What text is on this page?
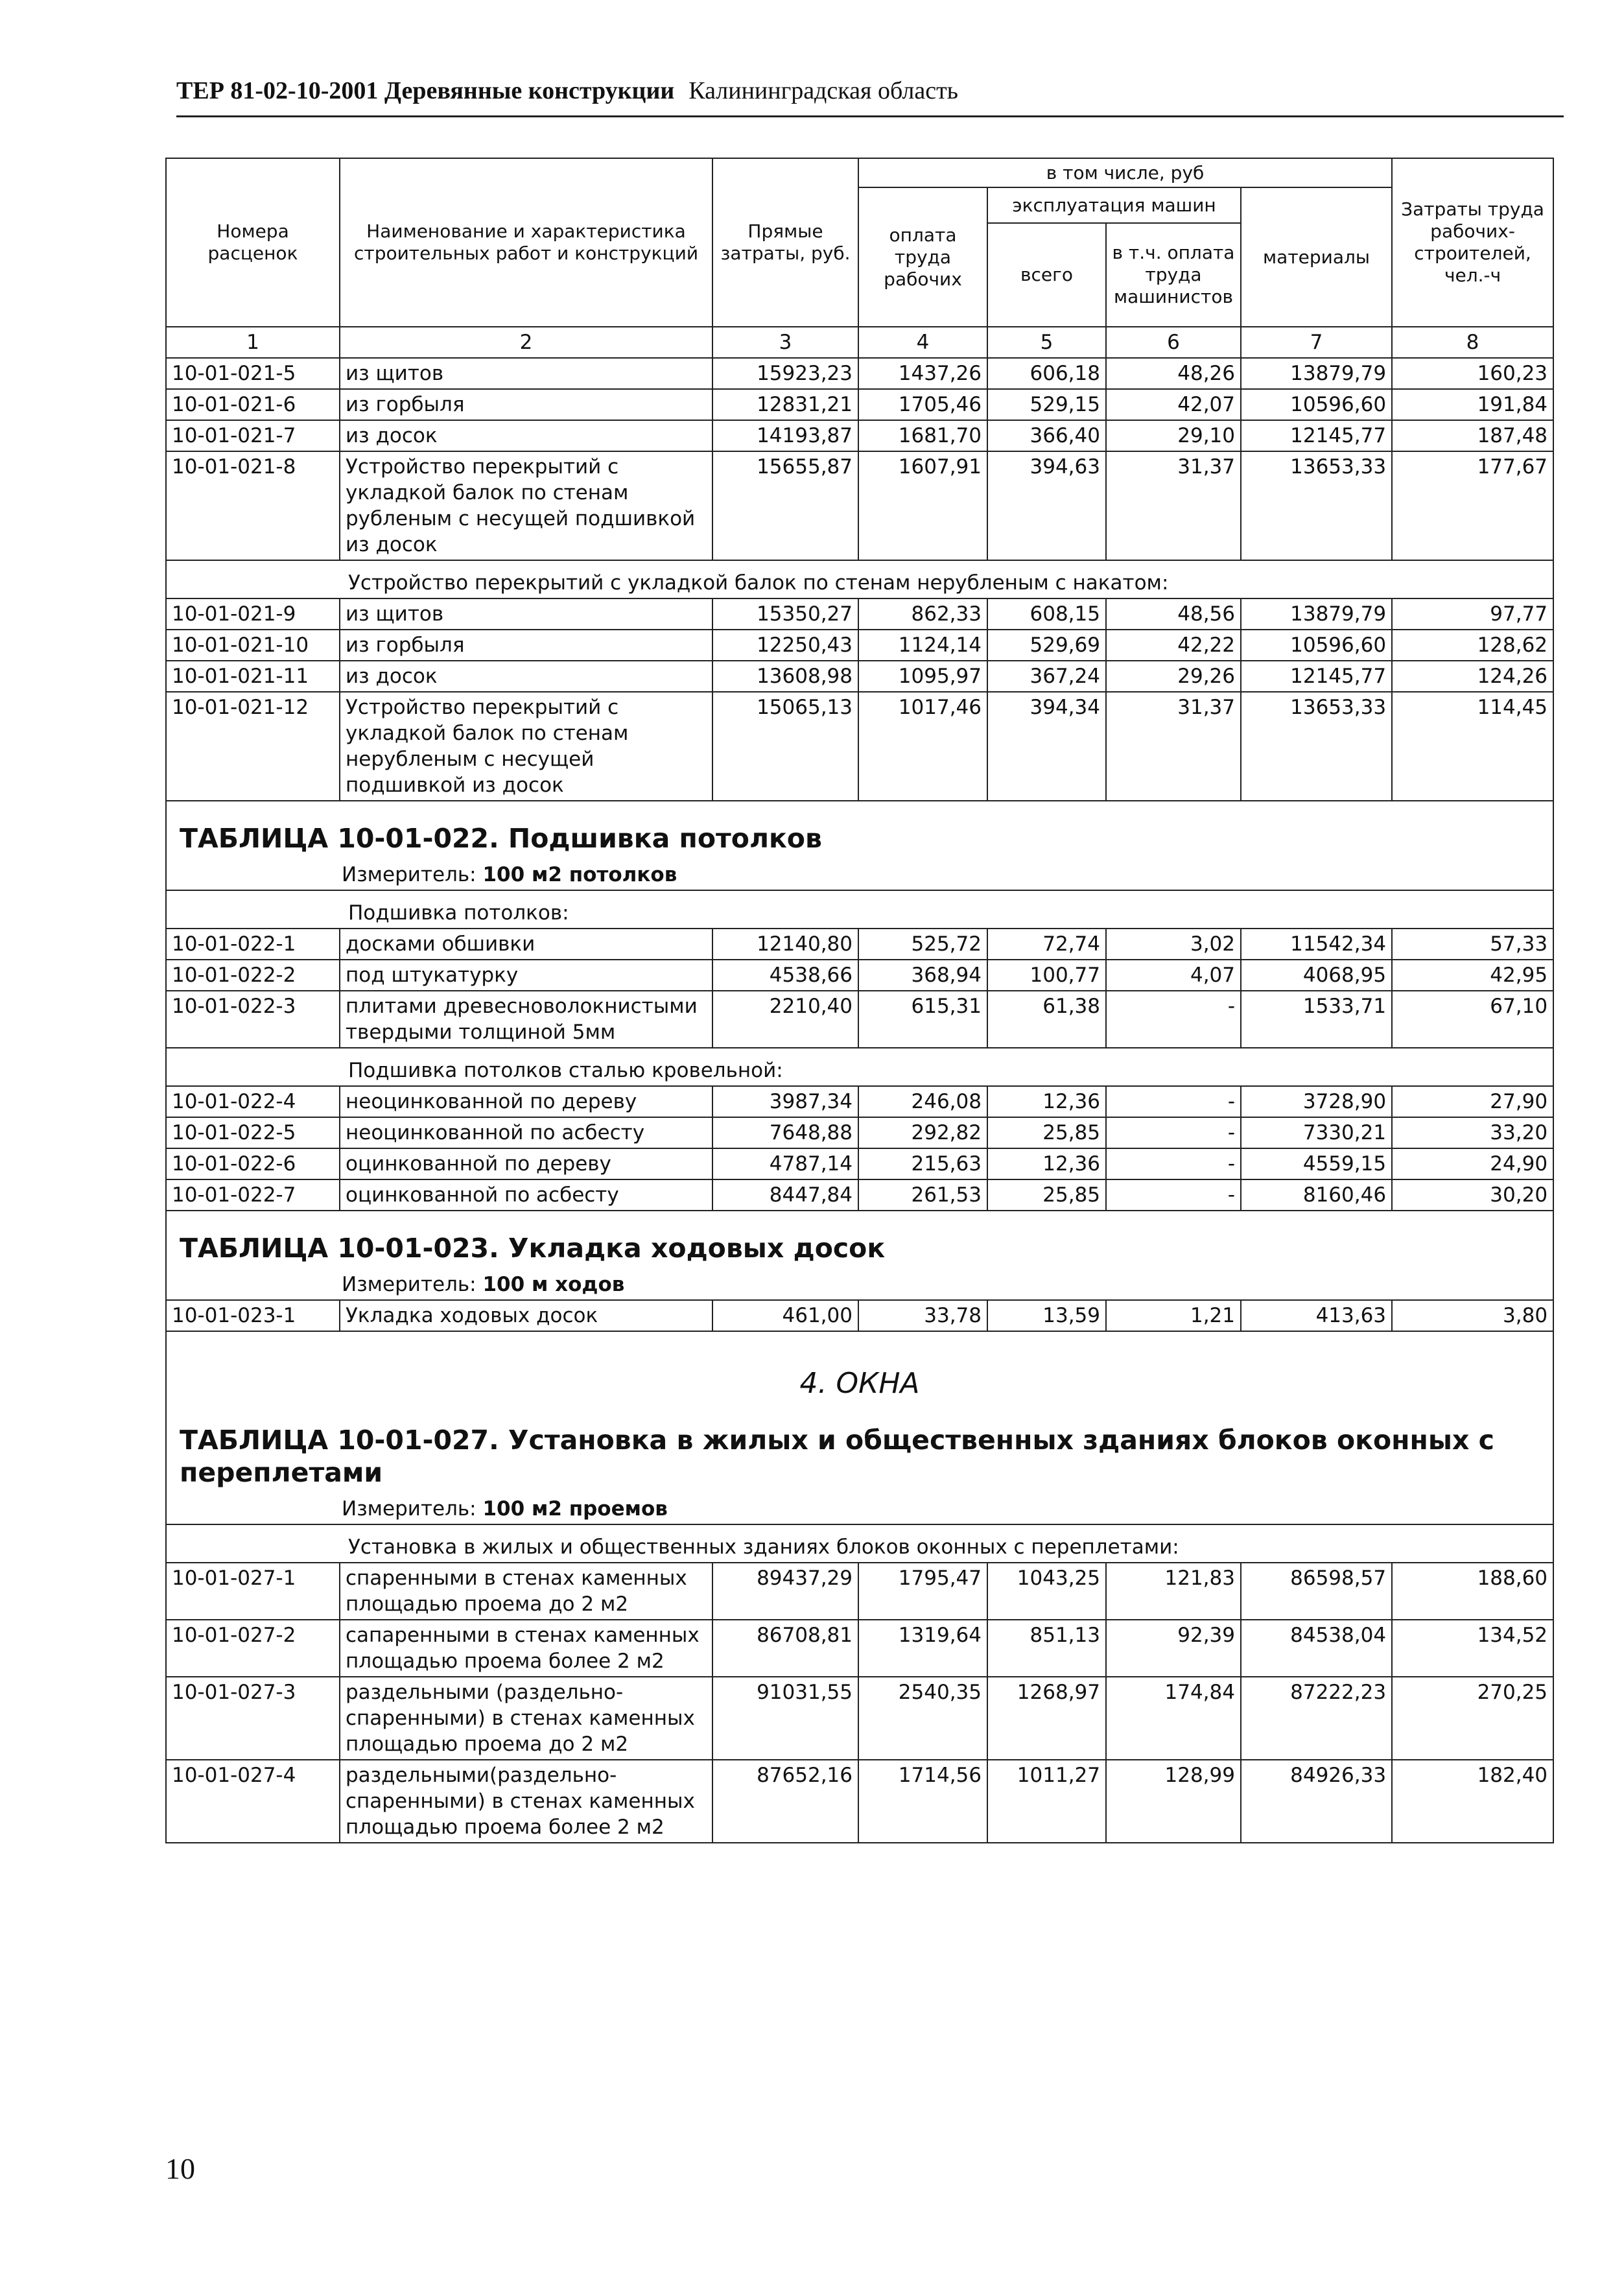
ТЕР 81-02-10-2001 Деревянные конструкции Калининградская область
Номера расценок	Наименование и характеристика строительных работ и конструкций	Прямые затраты, руб.	в том числе, руб				Затраты труда рабочих-строителей, чел.-ч
			оплата труда рабочих	эксплуатация машин		материалы	
				всего	в т.ч. оплата труда машинистов		
1	2	3	4	5	6	7	8
10-01-021-5	из щитов	15923,23	1437,26	606,18	48,26	13879,79	160,23
10-01-021-6	из горбыля	12831,21	1705,46	529,15	42,07	10596,60	191,84
10-01-021-7	из досок	14193,87	1681,70	366,40	29,10	12145,77	187,48
10-01-021-8	Устройство перекрытий с укладкой балок по стенам рубленым с несущей подшивкой из досок	15655,87	1607,91	394,63	31,37	13653,33	177,67
Устройство перекрытий с укладкой балок по стенам нерубленым с накатом:							
10-01-021-9	из щитов	15350,27	862,33	608,15	48,56	13879,79	97,77
10-01-021-10	из горбыля	12250,43	1124,14	529,69	42,22	10596,60	128,62
10-01-021-11	из досок	13608,98	1095,97	367,24	29,26	12145,77	124,26
10-01-021-12	Устройство перекрытий с укладкой балок по стенам нерубленым с несущей подшивкой из досок	15065,13	1017,46	394,34	31,37	13653,33	114,45
ТАБЛИЦА 10-01-022. Подшивка потолков							
Измеритель: 100 м2 потолков							
Подшивка потолков:							
10-01-022-1	досками обшивки	12140,80	525,72	72,74	3,02	11542,34	57,33
10-01-022-2	под штукатурку	4538,66	368,94	100,77	4,07	4068,95	42,95
10-01-022-3	плитами древесноволокнистыми твердыми толщиной 5мм	2210,40	615,31	61,38	-	1533,71	67,10
Подшивка потолков сталью кровельной:							
10-01-022-4	неоцинкованной по дереву	3987,34	246,08	12,36	-	3728,90	27,90
10-01-022-5	неоцинкованной по асбесту	7648,88	292,82	25,85	-	7330,21	33,20
10-01-022-6	оцинкованной по дереву	4787,14	215,63	12,36	-	4559,15	24,90
10-01-022-7	оцинкованной по асбесту	8447,84	261,53	25,85	-	8160,46	30,20
ТАБЛИЦА 10-01-023. Укладка ходовых досок							
Измеритель: 100 м ходов							
10-01-023-1	Укладка ходовых досок	461,00	33,78	13,59	1,21	413,63	3,80
4. ОКНА							
ТАБЛИЦА 10-01-027. Установка в жилых и общественных зданиях блоков оконных с переплетами							
Измеритель: 100 м2 проемов							
Установка в жилых и общественных зданиях блоков оконных с переплетами:							
10-01-027-1	спаренными в стенах каменных площадью проема до 2 м2	89437,29	1795,47	1043,25	121,83	86598,57	188,60
10-01-027-2	сапаренными в стенах каменных площадью проема более 2 м2	86708,81	1319,64	851,13	92,39	84538,04	134,52
10-01-027-3	раздельными (раздельно-спаренными) в стенах каменных площадью проема до 2 м2	91031,55	2540,35	1268,97	174,84	87222,23	270,25
10-01-027-4	раздельными(раздельно-спаренными) в стенах каменных площадью проема более 2 м2	87652,16	1714,56	1011,27	128,99	84926,33	182,40
10
